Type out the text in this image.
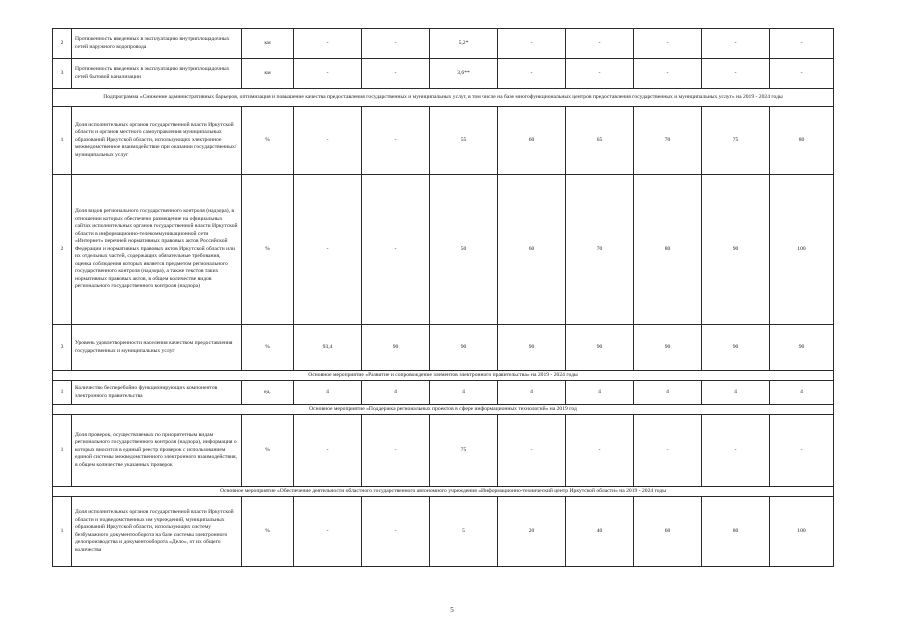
2	Протяженность введенных в эксплуатацию внутриплощадочных сетей наружного водопровода	км	-	-	5,2*	-	-	-	-	-
3	Протяженность введенных в эксплуатацию внутриплощадочных сетей бытовой канализации	км	-	-	3,6**	-	-	-	-	-
Подпрограмма «Снижение административных барьеров, оптимизация и повышение качества предоставления государственных и муниципальных услуг, в том числе на базе многофункциональных центров предоставления государственных и муниципальных услуг» на 2019 - 2024 годы										
1	Доля исполнительных органов государственной власти Иркутской области и органов местного самоуправления муниципальных образований Иркутской области, использующих электронное межведомственное взаимодействие при оказании государственных/муниципальных услуг	%	-	-	55	60	65	70	75	80
2	Доля видов регионального государственного контроля (надзора), в отношении которых обеспечено размещение на официальных сайтах исполнительных органов государственной власти Иркутской области в информационно-телекоммуникационной сети «Интернет» перечней нормативных правовых актов Российской Федерации и нормативных правовых актов Иркутской области или их отдельных частей, содержащих обязательные требования, оценка соблюдения которых является предметом регионального государственного контроля (надзора), а также текстов таких нормативных правовых актов, в общем количестве видов регионального государственного контроля (надзора)	%	-	-	50	60	70	80	90	100
3	Уровень удовлетворенности населения качеством предоставления государственных и муниципальных услуг	%	93,4	90	90	90	90	90	90	90
Основное мероприятие «Развитие и сопровождение элементов электронного правительства» на 2019 - 2024 годы										
1	Количество бесперебойно функционирующих компонентов электронного правительства	ед.	4	4	4	4	4	4	4	4
Основное мероприятие «Поддержка региональных проектов в сфере информационных технологий» на 2019 год										
1	Доля проверок, осуществляемых по приоритетным видам регионального государственного контроля (надзора), информация о которых вносится в единый реестр проверок с использованием единой системы межведомственного электронного взаимодействия, в общем количестве указанных проверок	%	-	-	75	-	-	-	-	-
Основное мероприятие «Обеспечение деятельности областного государственного автономного учреждения «Информационно-технический центр Иркутской области» на 2019 - 2024 годы										
1	Доля исполнительных органов государственной власти Иркутской области и подведомственных им учреждений, муниципальных образований Иркутской области, использующих систему безбумажного документооборота на базе системы электронного делопроизводства и документооборота «Дело», от их общего количества	%	-	-	5	20	40	60	80	100
5
